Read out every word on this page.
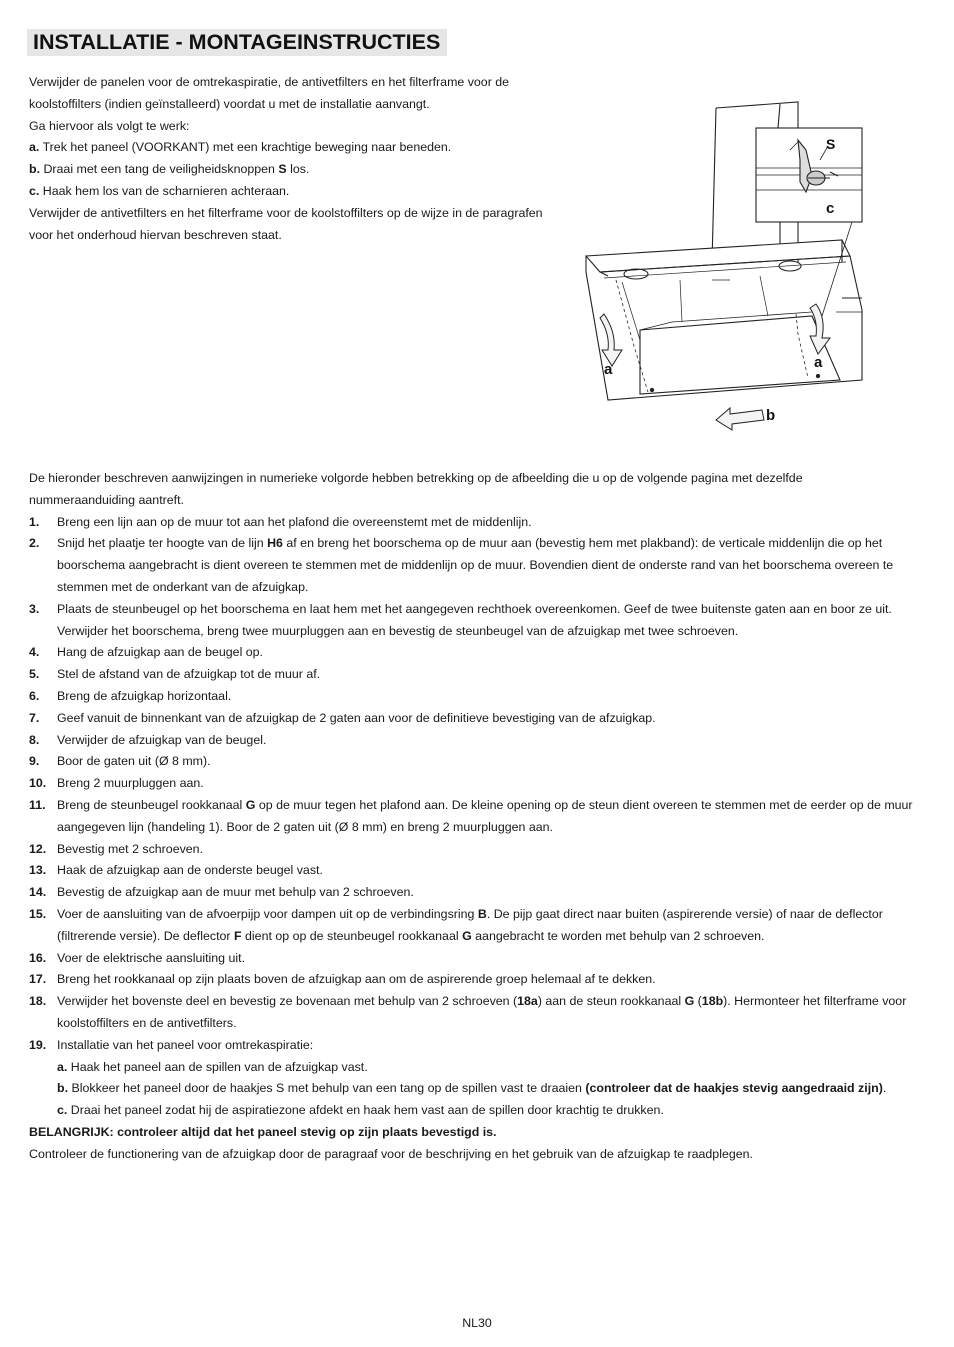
INSTALLATIE - MONTAGEINSTRUCTIES
Verwijder de panelen voor de omtrekaspiratie, de antivetfilters en het filterframe voor de
koolstoffilters (indien geïnstalleerd) voordat u met de installatie aanvangt.
Ga hiervoor als volgt te werk:
a. Trek het paneel (VOORKANT) met een krachtige beweging naar beneden.
b. Draai met een tang de veiligheidsknoppen S los.
c. Haak hem los van de scharnieren achteraan.
Verwijder de antivetfilters en het filterframe voor de koolstoffilters op de wijze in de paragrafen
voor het onderhoud hiervan beschreven staat.
S
c
a	a
b
De hieronder beschreven aanwijzingen in numerieke volgorde hebben betrekking op de afbeelding die u op de volgende pagina met dezelfde
nummeraanduiding aantreft.
1.	Breng een lijn aan op de muur tot aan het plafond die overeenstemt met de middenlijn.
2.	Snijd het plaatje ter hoogte van de lijn H6 af en breng het boorschema op de muur aan (bevestig hem met plakband): de verticale middenlijn die op het boorschema aangebracht is dient overeen te stemmen met de middenlijn op de muur. Bovendien dient de onderste rand van het boorschema overeen te stemmen met de onderkant van de afzuigkap.
3.	Plaats de steunbeugel op het boorschema en laat hem met het aangegeven rechthoek overeenkomen. Geef de twee buitenste gaten aan en boor ze uit. Verwijder het boorschema, breng twee muurpluggen aan en bevestig de steunbeugel van de afzuigkap met twee schroeven.
4.	Hang de afzuigkap aan de beugel op.
5.	Stel de afstand van de afzuigkap tot de muur af.
6.	Breng de afzuigkap horizontaal.
7.	Geef vanuit de binnenkant van de afzuigkap de 2 gaten aan voor de definitieve bevestiging van de afzuigkap.
8.	Verwijder de afzuigkap van de beugel.
9.	Boor de gaten uit (Ø 8 mm).
10. Breng 2 muurpluggen aan.
11. Breng de steunbeugel rookkanaal G op de muur tegen het plafond aan. De kleine opening op de steun dient overeen te stemmen met de eerder op de muur aangegeven lijn (handeling 1). Boor de 2 gaten uit (Ø 8 mm) en breng 2 muurpluggen aan.
12. Bevestig met 2 schroeven.
13. Haak de afzuigkap aan de onderste beugel vast.
14. Bevestig de afzuigkap aan de muur met behulp van 2 schroeven.
15. Voer de aansluiting van de afvoerpijp voor dampen uit op de verbindingsring B. De pijp gaat direct naar buiten (aspirerende versie) of naar de deflector (filtrerende versie). De deflector F dient op op de steunbeugel rookkanaal G aangebracht te worden met behulp van 2 schroeven.
16. Voer de elektrische aansluiting uit.
17. Breng het rookkanaal op zijn plaats boven de afzuigkap aan om de aspirerende groep helemaal af te dekken.
18. Verwijder het bovenste deel en bevestig ze bovenaan met behulp van 2 schroeven (18a) aan de steun rookkanaal G (18b). Hermonteer het filterframe voor koolstoffilters en de antivetfilters.
19. Installatie van het paneel voor omtrekaspiratie:
a. Haak het paneel aan de spillen van de afzuigkap vast.
b. Blokkeer het paneel door de haakjes S met behulp van een tang op de spillen vast te draaien (controleer dat de haakjes stevig aangedraaid zijn).
c. Draai het paneel zodat hij de aspiratiezone afdekt en haak hem vast aan de spillen door krachtig te drukken.
BELANGRIJK: controleer altijd dat het paneel stevig op zijn plaats bevestigd is.
Controleer de functionering van de afzuigkap door de paragraaf voor de beschrijving en het gebruik van de afzuigkap te raadplegen.
NL30
